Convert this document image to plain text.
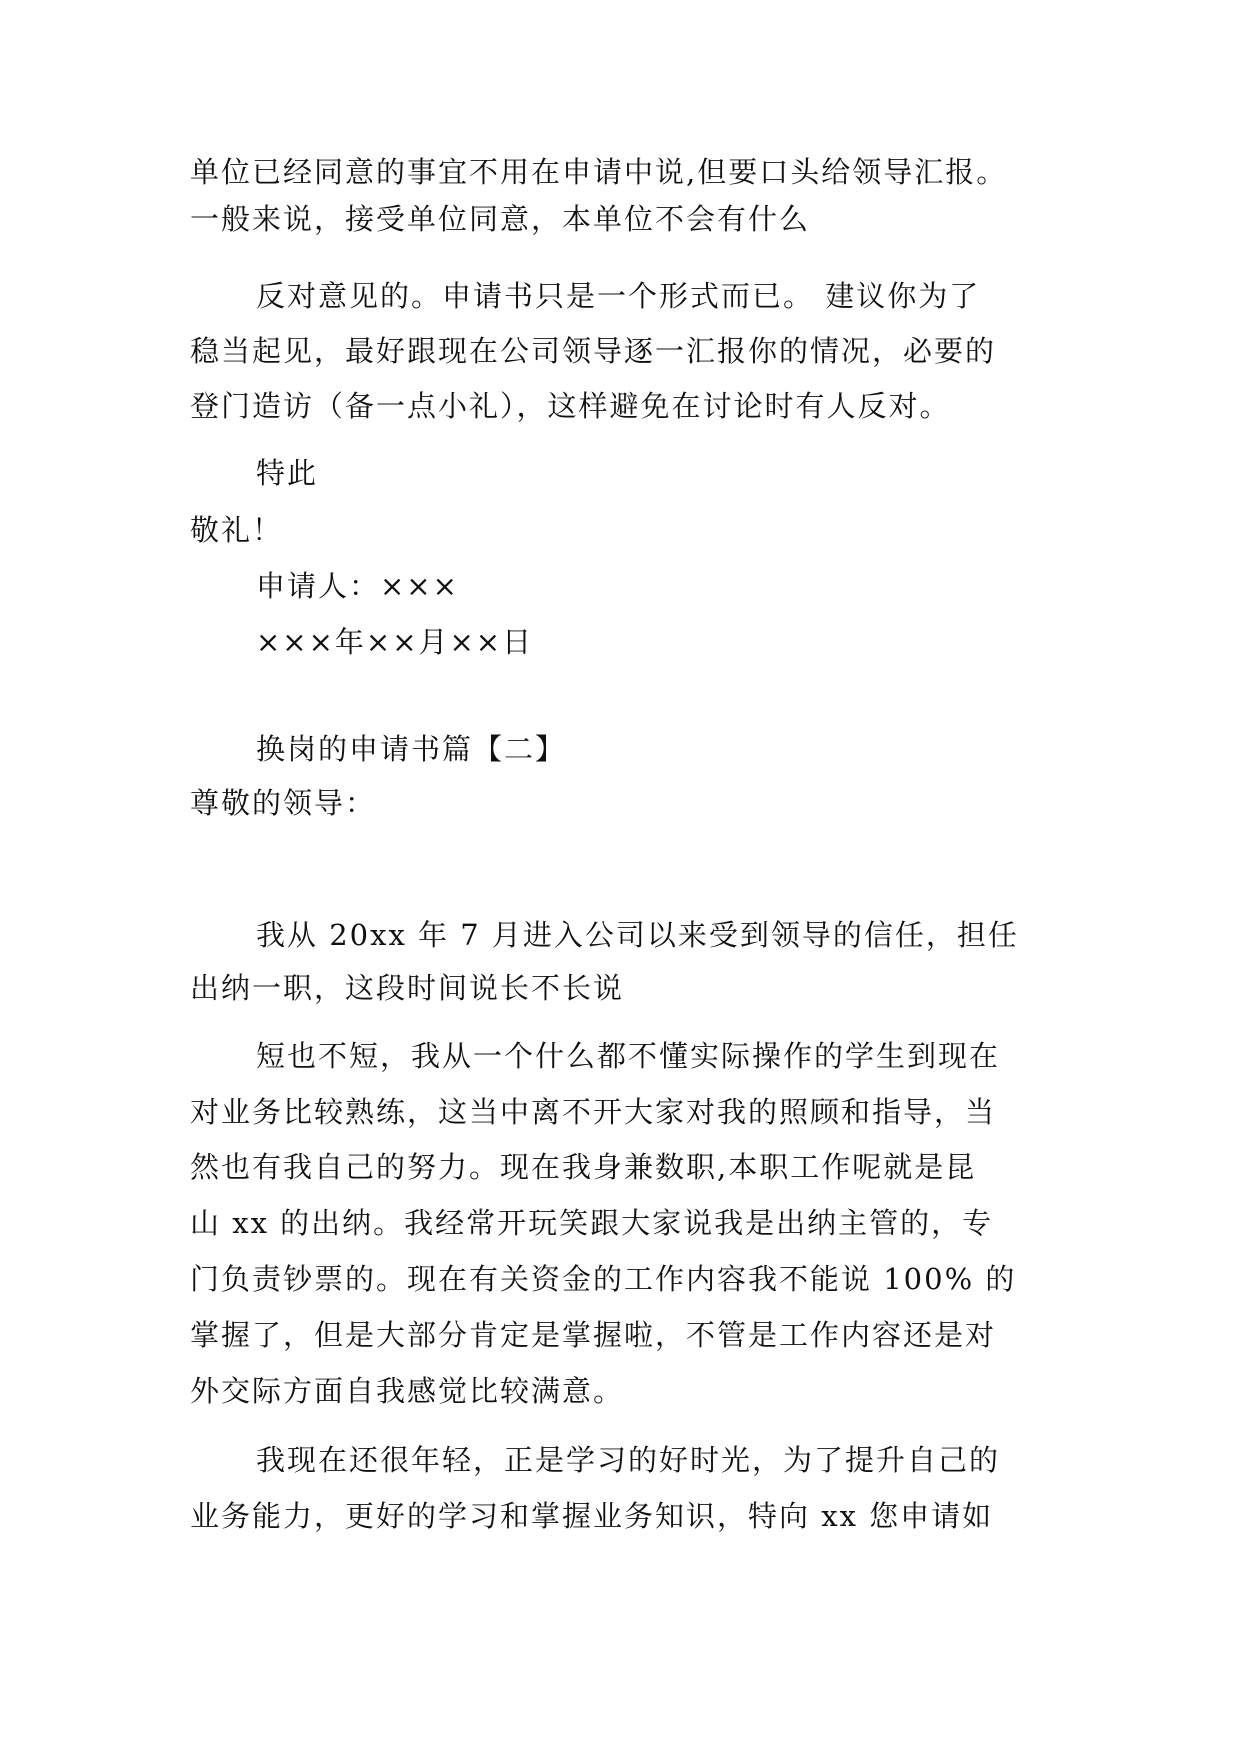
单位已经同意的事宜不用在申请中说,但要口头给领导汇报。
一般来说，接受单位同意，本单位不会有什么
反对意见的。申请书只是一个形式而已。 建议你为了
稳当起见，最好跟现在公司领导逐一汇报你的情况，必要的
登门造访（备一点小礼），这样避免在讨论时有人反对。
特此
敬礼！
申请人：×××
×××年××月××日
换岗的申请书篇【二】
尊敬的领导：
我从 20xx 年 7 月进入公司以来受到领导的信任，担任
出纳一职，这段时间说长不长说
短也不短，我从一个什么都不懂实际操作的学生到现在
对业务比较熟练，这当中离不开大家对我的照顾和指导，当
然也有我自己的努力。现在我身兼数职,本职工作呢就是昆
山 xx 的出纳。我经常开玩笑跟大家说我是出纳主管的，专
门负责钞票的。现在有关资金的工作内容我不能说 100% 的
掌握了，但是大部分肯定是掌握啦，不管是工作内容还是对
外交际方面自我感觉比较满意。
我现在还很年轻，正是学习的好时光，为了提升自己的
业务能力，更好的学习和掌握业务知识，特向 xx 您申请如
